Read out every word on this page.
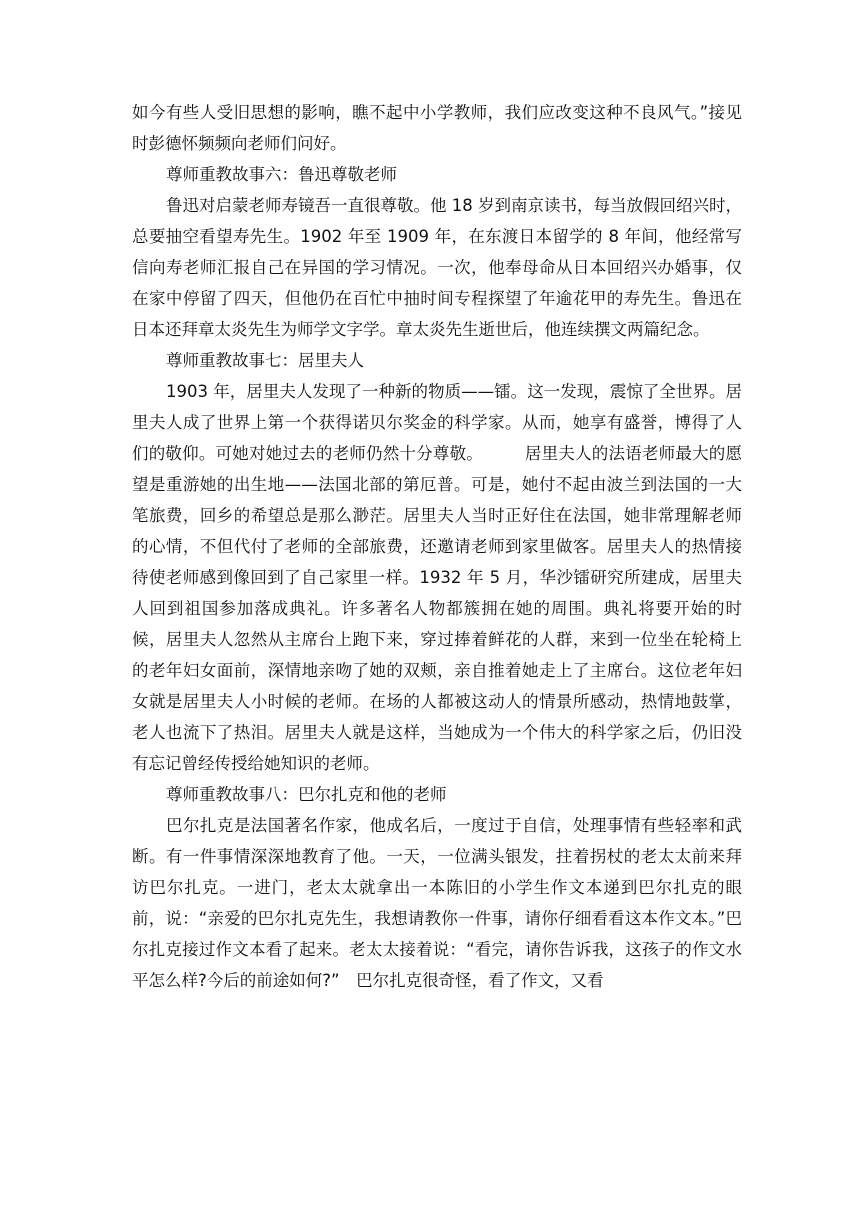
如今有些人受旧思想的影响，瞧不起中小学教师，我们应改变这种不良风气。”接见时彭德怀频频向老师们问好。

尊师重教故事六：鲁迅尊敬老师

鲁迅对启蒙老师寿镜吾一直很尊敬。他 18 岁到南京读书，每当放假回绍兴时，总要抽空看望寿先生。1902 年至 1909 年，在东渡日本留学的 8 年间，他经常写信向寿老师汇报自己在异国的学习情况。一次，他奉母命从日本回绍兴办婚事，仅在家中停留了四天，但他仍在百忙中抽时间专程探望了年逾花甲的寿先生。鲁迅在日本还拜章太炎先生为师学文字学。章太炎先生逝世后，他连续撰文两篇纪念。

尊师重教故事七：居里夫人

1903 年，居里夫人发现了一种新的物质——镭。这一发现，震惊了全世界。居里夫人成了世界上第一个获得诺贝尔奖金的科学家。从而，她享有盛誉，博得了人们的敬仰。可她对她过去的老师仍然十分尊敬。　　　居里夫人的法语老师最大的愿望是重游她的出生地——法国北部的第厄普。可是，她付不起由波兰到法国的一大笔旅费，回乡的希望总是那么渺茫。居里夫人当时正好住在法国，她非常理解老师的心情，不但代付了老师的全部旅费，还邀请老师到家里做客。居里夫人的热情接待使老师感到像回到了自己家里一样。1932 年 5 月，华沙镭研究所建成，居里夫人回到祖国参加落成典礼。许多著名人物都簇拥在她的周围。典礼将要开始的时候，居里夫人忽然从主席台上跑下来，穿过捧着鲜花的人群，来到一位坐在轮椅上的老年妇女面前，深情地亲吻了她的双颊，亲自推着她走上了主席台。这位老年妇女就是居里夫人小时候的老师。在场的人都被这动人的情景所感动，热情地鼓掌，老人也流下了热泪。居里夫人就是这样，当她成为一个伟大的科学家之后，仍旧没有忘记曾经传授给她知识的老师。

尊师重教故事八：巴尔扎克和他的老师

巴尔扎克是法国著名作家，他成名后，一度过于自信，处理事情有些轻率和武断。有一件事情深深地教育了他。一天，一位满头银发，拄着拐杖的老太太前来拜访巴尔扎克。一进门，老太太就拿出一本陈旧的小学生作文本递到巴尔扎克的眼前，说：“亲爱的巴尔扎克先生，我想请教你一件事，请你仔细看看这本作文本。”巴尔扎克接过作文本看了起来。老太太接着说：“看完，请你告诉我，这孩子的作文水平怎么样?今后的前途如何?”　巴尔扎克很奇怪，看了作文，又看
